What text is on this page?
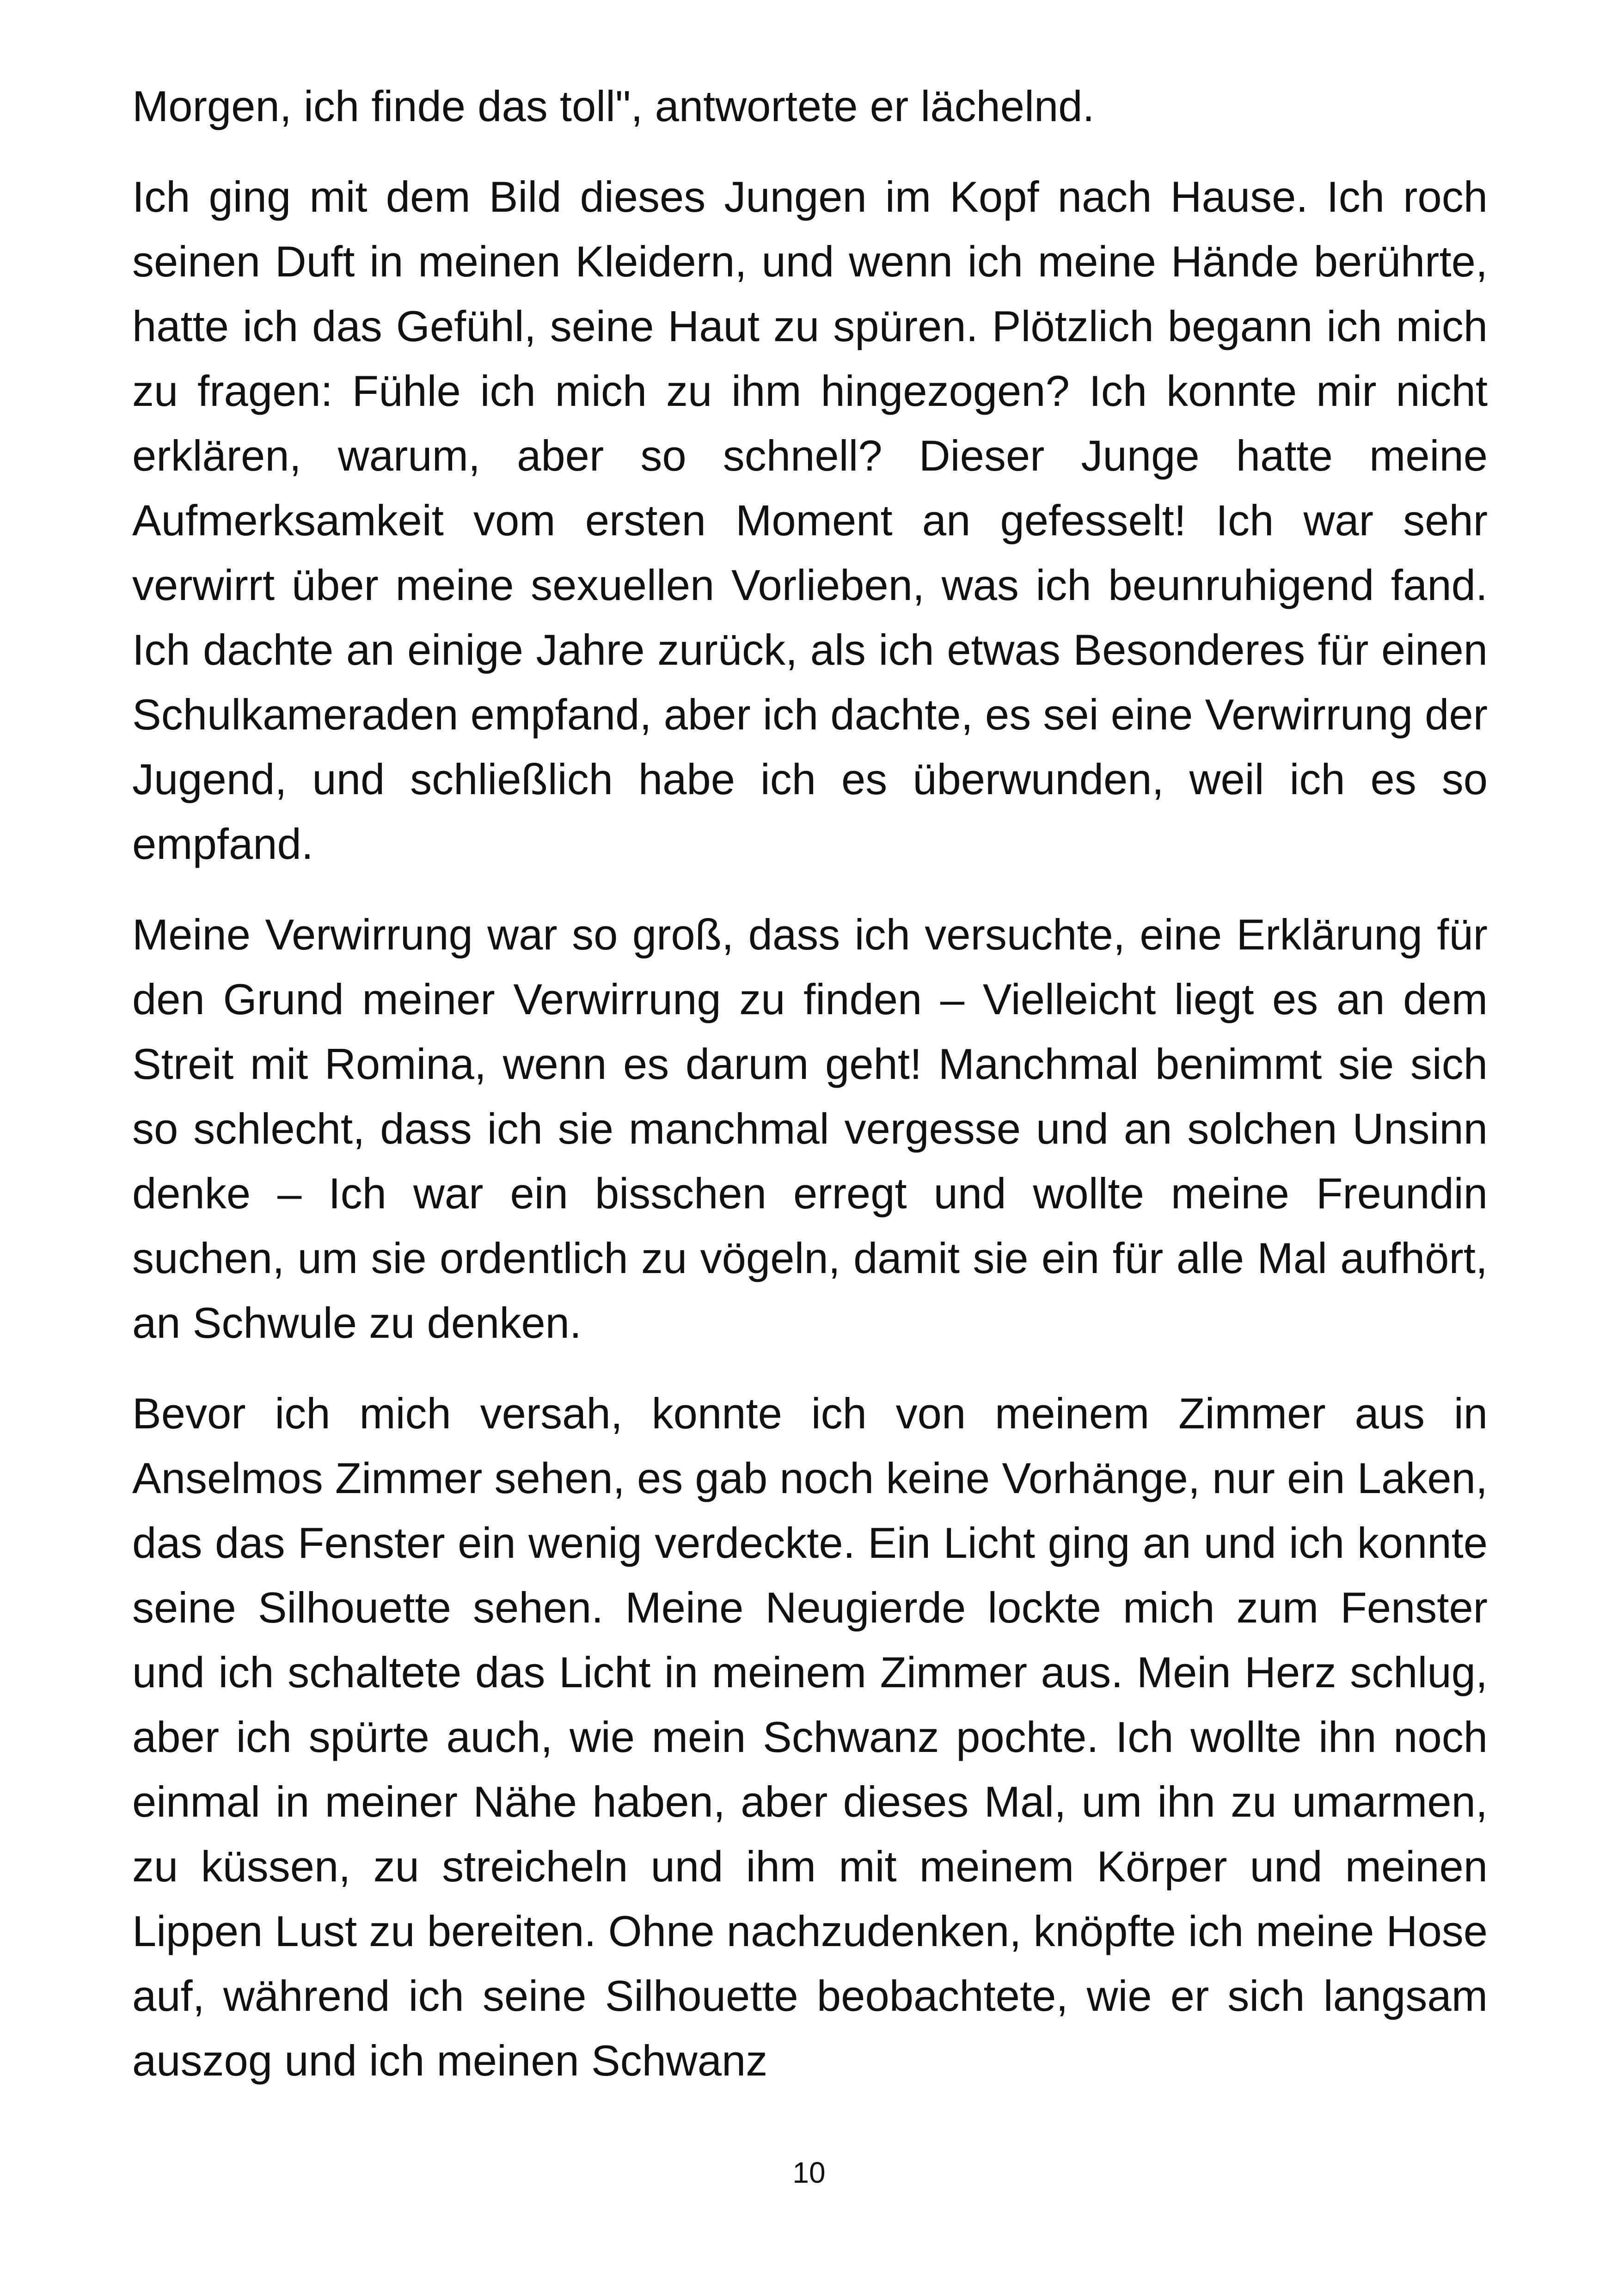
Morgen, ich finde das toll", antwortete er lächelnd.

Ich ging mit dem Bild dieses Jungen im Kopf nach Hause. Ich roch seinen Duft in meinen Kleidern, und wenn ich meine Hände berührte, hatte ich das Gefühl, seine Haut zu spüren. Plötzlich begann ich mich zu fragen: Fühle ich mich zu ihm hingezogen? Ich konnte mir nicht erklären, warum, aber so schnell? Dieser Junge hatte meine Aufmerksamkeit vom ersten Moment an gefesselt! Ich war sehr verwirrt über meine sexuellen Vorlieben, was ich beunruhigend fand. Ich dachte an einige Jahre zurück, als ich etwas Besonderes für einen Schulkameraden empfand, aber ich dachte, es sei eine Verwirrung der Jugend, und schließlich habe ich es überwunden, weil ich es so empfand.

Meine Verwirrung war so groß, dass ich versuchte, eine Erklärung für den Grund meiner Verwirrung zu finden – Vielleicht liegt es an dem Streit mit Romina, wenn es darum geht! Manchmal benimmt sie sich so schlecht, dass ich sie manchmal vergesse und an solchen Unsinn denke – Ich war ein bisschen erregt und wollte meine Freundin suchen, um sie ordentlich zu vögeln, damit sie ein für alle Mal aufhört, an Schwule zu denken.

Bevor ich mich versah, konnte ich von meinem Zimmer aus in Anselmos Zimmer sehen, es gab noch keine Vorhänge, nur ein Laken, das das Fenster ein wenig verdeckte. Ein Licht ging an und ich konnte seine Silhouette sehen. Meine Neugierde lockte mich zum Fenster und ich schaltete das Licht in meinem Zimmer aus. Mein Herz schlug, aber ich spürte auch, wie mein Schwanz pochte. Ich wollte ihn noch einmal in meiner Nähe haben, aber dieses Mal, um ihn zu umarmen, zu küssen, zu streicheln und ihm mit meinem Körper und meinen Lippen Lust zu bereiten. Ohne nachzudenken, knöpfte ich meine Hose auf, während ich seine Silhouette beobachtete, wie er sich langsam auszog und ich meinen Schwanz

10
